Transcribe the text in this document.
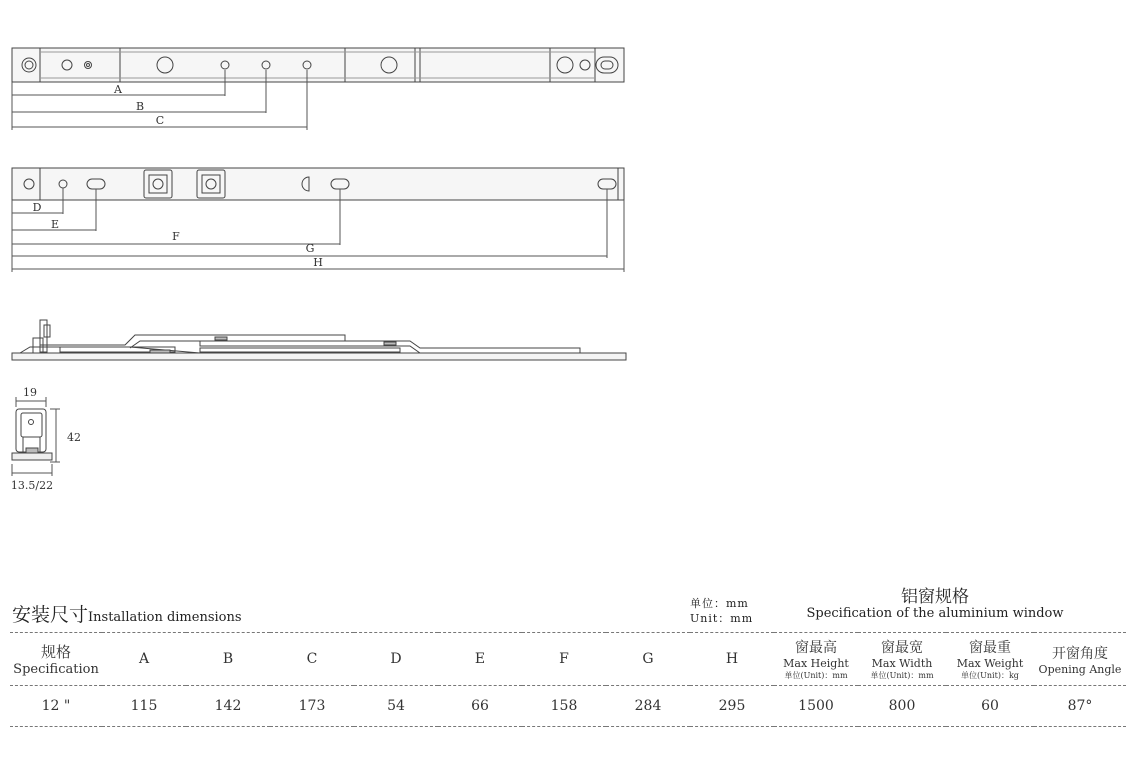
A
B
C
D
E
F
G
H
19
42
13.5/22
安装尺寸Installation dimensions
单位：mm
Unit：mm
铝窗规格
Specification of the aluminium window
规格
Specification	A	B	C	D	E	F	G	H	窗最高
Max Height
单位(Unit)：mm	窗最宽
Max Width
单位(Unit)：mm	窗最重
Max Weight
单位(Unit)：kg	开窗角度
Opening Angle

12 "	115	142	173	54	66	158	284	295	1500	800	60	87°
